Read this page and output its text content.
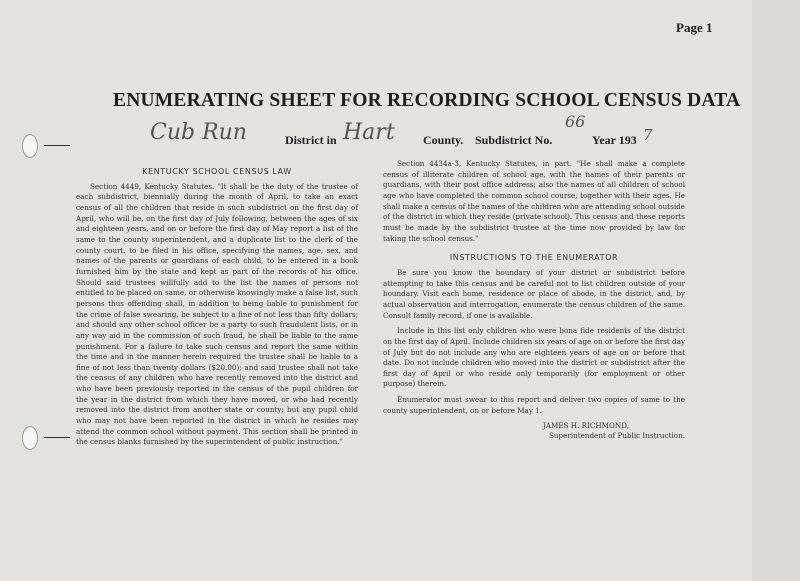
Page 1
ENUMERATING SHEET FOR RECORDING SCHOOL CENSUS DATA
Cub Run	District in Hart County. Subdistrict No.
66
Year 193 7
KENTUCKY SCHOOL CENSUS LAW

Section 4449, Kentucky Statutes. "It shall be the duty of the trustee of each subdistrict, biennially during the month of April, to take an exact census of all the children that reside in such subdistrict on the first day of April, who will be, on the first day of July following, between the ages of six and eighteen years, and on or before the first day of May report a list of the same to the county superintendent, and a duplicate list to the clerk of the county court, to be filed in his office, specifying the names, age, sex, and names of the parents or guardians of each child, to be entered in a book furnished him by the state and kept as part of the records of his office. Should said trustees willfully add to the list the names of persons not entitled to be placed on same, or otherwise knowingly make a false list, such persons thus offending shall, in addition to being liable to punishment for the crime of false swearing, be subject to a fine of not less than fifty dollars; and should any other school officer be a party to such fraudulent lists, or in any way aid in the commission of such fraud, he shall be liable to the same punishment. For a failure to take such census and report the same within the time and in the manner herein required the trustee shall be liable to a fine of not less than twenty dollars ($20.00); and said trustee shall not take the census of any children who have recently removed into the district and who have been previously reported in the census of the pupil children for the year in the district from which they have moved, or who had recently removed into the district from another state or county; but any pupil child who may not have been reported in the district in which he resides may attend the common school without payment. This section shall be printed in the census blanks furnished by the superintendent of public instruction."

Section 4434a-3, Kentucky Statutes, in part. "He shall make a complete census of illiterate children of school age, with the names of their parents or guardians, with their post office address; also the names of all children of school age who have completed the common school course, together with their ages. He shall make a census of the names of the children who are attending school outside of the district in which they reside (private school). This census and these reports must be made by the subdistrict trustee at the time now provided by law for taking the school census."

INSTRUCTIONS TO THE ENUMERATOR

Be sure you know the boundary of your district or subdistrict before attempting to take this census and be careful not to list children outside of your boundary. Visit each home, residence or place of abode, in the district, and, by actual observation and interrogation, enumerate the census children of the same. Consult family record, if one is available.

Include in this list only children who were bona fide residents of the district on the first day of April. Include children six years of age on or before the first day of July but do not include any who are eighteen years of age on or before that date. Do not include children who moved into the district or subdistrict after the first day of April or who reside only temporarily (for employment or other purpose) therein.

Enumerator must swear to this report and deliver two copies of same to the county superintendent, on or before May 1.

JAMES H. RICHMOND,
Superintendent of Public Instruction.
